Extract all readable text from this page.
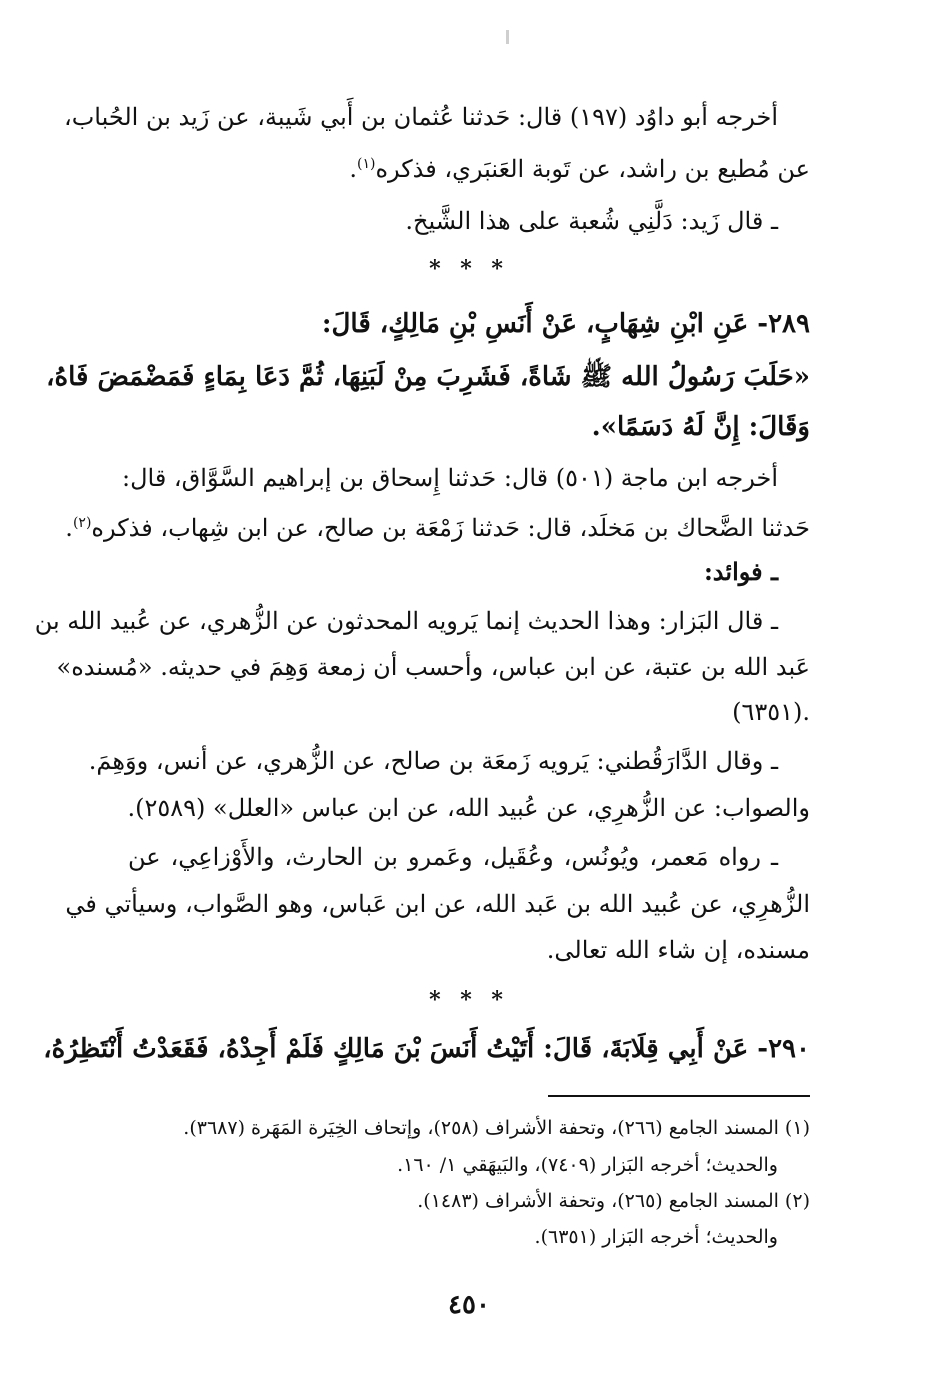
أخرجه أبو داوُد (١٩٧) قال: حَدثنا عُثمان بن أَبي شَيبة، عن زَيد بن الحُباب،
عن مُطيع بن راشد، عن تَوبة العَنبَري، فذكره$^{(١)}$.
ـ قال زَيد: دَلَّنِي شُعبة على هذا الشَّيخ.
* * *
٢٨٩- عَنِ ابْنِ شِهَابٍ، عَنْ أَنَسِ بْنِ مَالِكٍ، قَالَ:
«حَلَبَ رَسُولُ الله ﷺ شَاةً، فَشَرِبَ مِنْ لَبَنِهَا، ثُمَّ دَعَا بِمَاءٍ فَمَضْمَضَ فَاهُ،
وَقَالَ: إِنَّ لَهُ دَسَمًا».
أخرجه ابن ماجة (٥٠١) قال: حَدثنا إِسحاق بن إبراهيم السَّوَّاق، قال:
حَدثنا الضَّحاك بن مَخلَد، قال: حَدثنا زَمْعَة بن صالح، عن ابن شِهاب، فذكره$^{(٢)}$.
ـ فوائد:
ـ قال البَزار: وهذا الحديث إنما يَرويه المحدثون عن الزُّهري، عن عُبيد الله بن
عَبد الله بن عتبة، عن ابن عباس، وأحسب أن زمعة وَهِمَ في حديثه. «مُسنده»
(٦٣٥١).
ـ وقال الدَّارَقُطني: يَرويه زَمعَة بن صالح، عن الزُّهري، عن أنس، ووَهِمَ.
والصواب: عن الزُّهرِي، عن عُبيد الله، عن ابن عباس «العلل» (٢٥٨٩).
ـ رواه مَعمر، ويُونُس، وعُقَيل، وعَمرو بن الحارث، والأَوْزاعِي، عن
الزُّهرِي، عن عُبيد الله بن عَبد الله، عن ابن عَباس، وهو الصَّواب، وسيأتي في
مسنده، إن شاء الله تعالى.
* * *
٢٩٠- عَنْ أَبِي قِلَابَةَ، قَالَ: أَتَيْتُ أَنَسَ بْنَ مَالِكٍ فَلَمْ أَجِدْهُ، فَقَعَدْتُ أَنْتَظِرُهُ،
(١) المسند الجامع (٢٦٦)، وتحفة الأشراف (٢٥٨)، وإتحاف الخِيَرة المَهَرة (٣٦٨٧).
والحديث؛ أخرجه البَزار (٧٤٠٩)، والبَيهَقي ١/ ١٦٠.
(٢) المسند الجامع (٢٦٥)، وتحفة الأشراف (١٤٨٣).
والحديث؛ أخرجه البَزار (٦٣٥١).
٤٥٠
